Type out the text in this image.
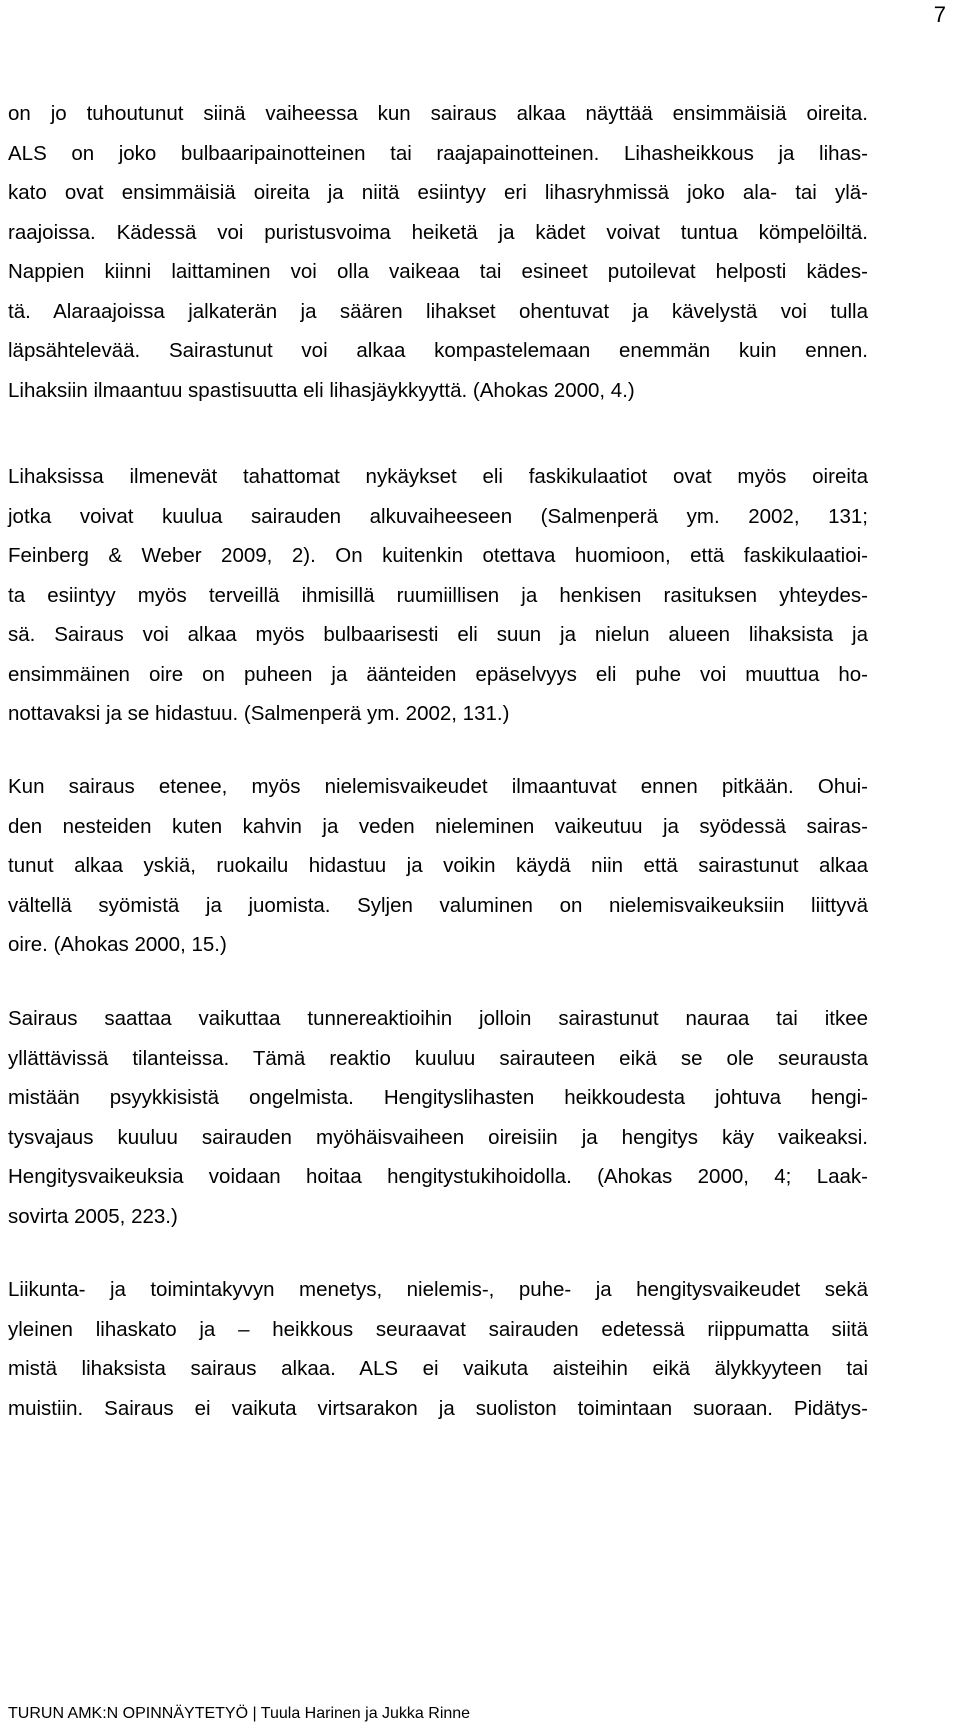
7
on jo tuhoutunut siinä vaiheessa kun sairaus alkaa näyttää ensimmäisiä oireita.
ALS on joko bulbaaripainotteinen tai raajapainotteinen. Lihasheikkous ja lihas-
kato ovat ensimmäisiä oireita ja niitä esiintyy eri lihasryhmissä joko ala- tai ylä-
raajoissa. Kädessä voi puristusvoima heiketä ja kädet voivat tuntua kömpelöiltä.
Nappien kiinni laittaminen voi olla vaikeaa tai esineet putoilevat helposti kädes-
tä. Alaraajoissa jalkaterän ja säären lihakset ohentuvat ja kävelystä voi tulla
läpsähtelevää. Sairastunut voi alkaa kompastelemaan enemmän kuin ennen.
Lihaksiin ilmaantuu spastisuutta eli lihasjäykkyyttä. (Ahokas 2000, 4.)
Lihaksissa ilmenevät tahattomat nykäykset eli faskikulaatiot ovat myös oireita
jotka voivat kuulua sairauden alkuvaiheeseen (Salmenperä ym. 2002, 131;
Feinberg & Weber 2009, 2). On kuitenkin otettava huomioon, että faskikulaatioi-
ta esiintyy myös terveillä ihmisillä ruumiillisen ja henkisen rasituksen yhteydes-
sä. Sairaus voi alkaa myös bulbaarisesti eli suun ja nielun alueen lihaksista ja
ensimmäinen oire on puheen ja äänteiden epäselvyys eli puhe voi muuttua ho-
nottavaksi ja se hidastuu. (Salmenperä ym. 2002, 131.)
Kun sairaus etenee, myös nielemisvaikeudet ilmaantuvat ennen pitkään. Ohui-
den nesteiden kuten kahvin ja veden nieleminen vaikeutuu ja syödessä sairas-
tunut alkaa yskiä, ruokailu hidastuu ja voikin käydä niin että sairastunut alkaa
vältellä syömistä ja juomista. Syljen valuminen on nielemisvaikeuksiin liittyvä
oire. (Ahokas 2000, 15.)
Sairaus saattaa vaikuttaa tunnereaktioihin jolloin sairastunut nauraa tai itkee
yllättävissä tilanteissa. Tämä reaktio kuuluu sairauteen eikä se ole seurausta
mistään psyykkisistä ongelmista. Hengityslihasten heikkoudesta johtuva hengi-
tysvajaus kuuluu sairauden myöhäisvaiheen oireisiin ja hengitys käy vaikeaksi.
Hengitysvaikeuksia voidaan hoitaa hengitystukihoidolla. (Ahokas 2000, 4; Laak-
sovirta 2005, 223.)
Liikunta- ja toimintakyvyn menetys, nielemis-, puhe- ja hengitysvaikeudet sekä
yleinen lihaskato ja – heikkous seuraavat sairauden edetessä riippumatta siitä
mistä lihaksista sairaus alkaa. ALS ei vaikuta aisteihin eikä älykkyyteen tai
muistiin. Sairaus ei vaikuta virtsarakon ja suoliston toimintaan suoraan. Pidätys-
TURUN AMK:N OPINNÄYTETYÖ | Tuula Harinen ja Jukka Rinne
